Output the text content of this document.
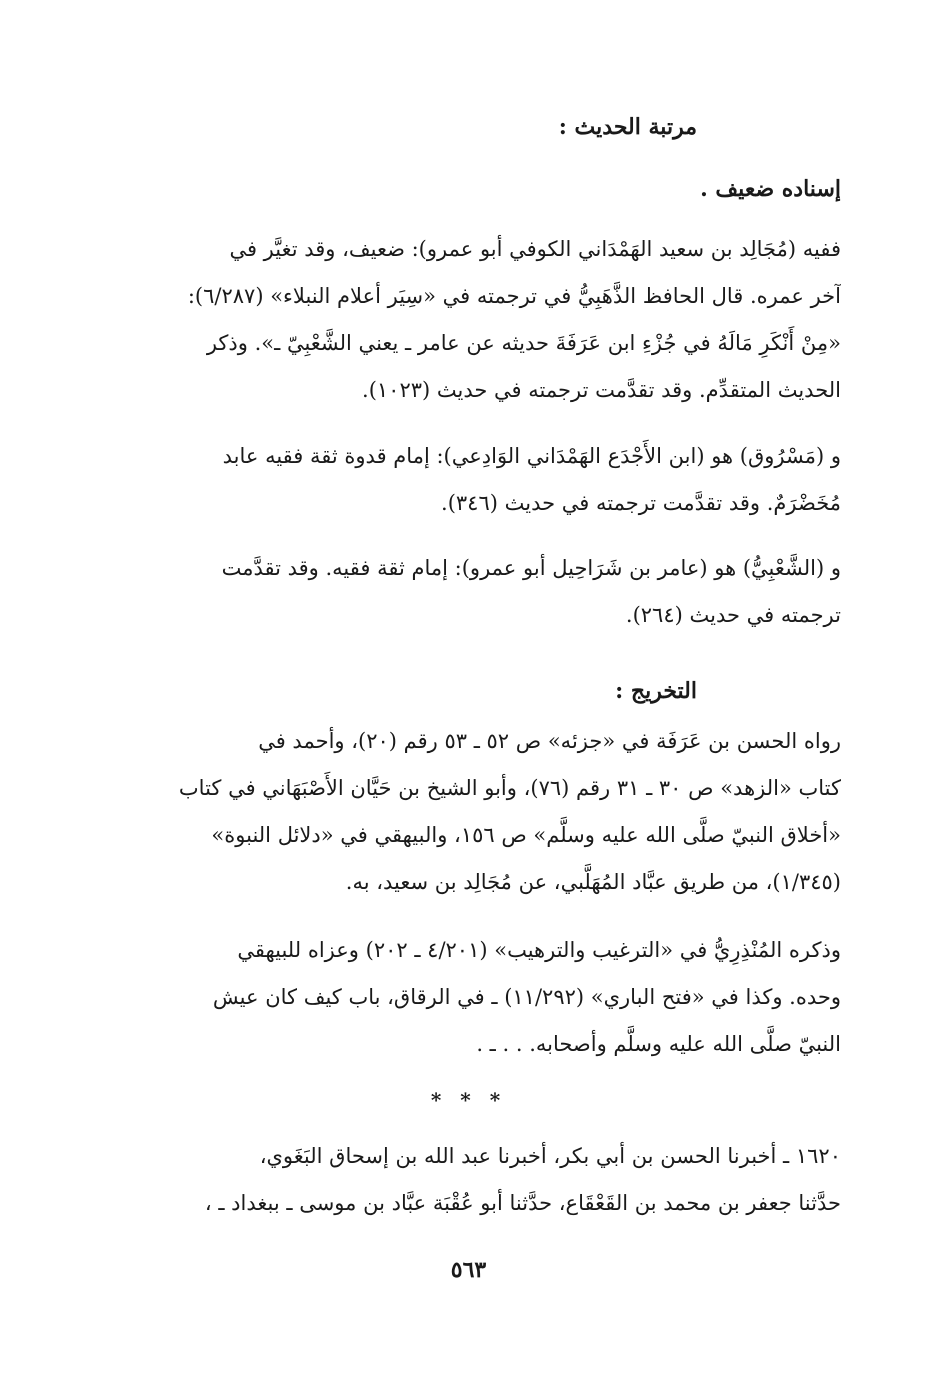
مرتبة الحديث :
إسناده ضعيف .
ففيه (مُجَالِد بن سعيد الهَمْدَاني الكوفي أبو عمرو): ضعيف، وقد تغيَّر في
آخر عمره. قال الحافظ الذَّهَبِيُّ في ترجمته في «سِيَر أعلام النبلاء» (٦/٢٨٧):
«مِنْ أَنْكَرِ مَالَهُ في جُزْءِ ابن عَرَفَةَ حديثه عن عامر ـ يعني الشَّعْبِيّ ـ». وذكر
الحديث المتقدِّم. وقد تقدَّمت ترجمته في حديث (١٠٢٣).
و (مَسْرُوق) هو (ابن الأَجْدَع الهَمْدَاني الوَادِعي): إمام قدوة ثقة فقيه عابد
مُخَضْرَمٌ. وقد تقدَّمت ترجمته في حديث (٣٤٦).
و (الشَّعْبِيُّ) هو (عامر بن شَرَاحِيل أبو عمرو): إمام ثقة فقيه. وقد تقدَّمت
ترجمته في حديث (٢٦٤).
التخريج :
رواه الحسن بن عَرَفَة في «جزئه» ص ٥٢ ـ ٥٣ رقم (٢٠)، وأحمد في
كتاب «الزهد» ص ٣٠ ـ ٣١ رقم (٧٦)، وأبو الشيخ بن حَيَّان الأَصْبَهَاني في كتاب
«أخلاق النبيّ صلَّى الله عليه وسلَّم» ص ١٥٦، والبيهقي في «دلائل النبوة»
(١/٣٤٥)، من طريق عبَّاد المُهَلَّبي، عن مُجَالِد بن سعيد، به.
وذكره المُنْذِرِيُّ في «الترغيب والترهيب» (٤/٢٠١ ـ ٢٠٢) وعزاه للبيهقي
وحده. وكذا في «فتح الباري» (١١/٢٩٢) ـ في الرقاق، باب كيف كان عيش
النبيّ صلَّى الله عليه وسلَّم وأصحابه. . . ـ .
* * *
١٦٢٠ ـ أخبرنا الحسن بن أبي بكر، أخبرنا عبد الله بن إسحاق البَغَوي،
حدَّثنا جعفر بن محمد بن القَعْقَاع، حدَّثنا أبو عُقْبَة عبَّاد بن موسى ـ ببغداد ـ ،
٥٦٣
